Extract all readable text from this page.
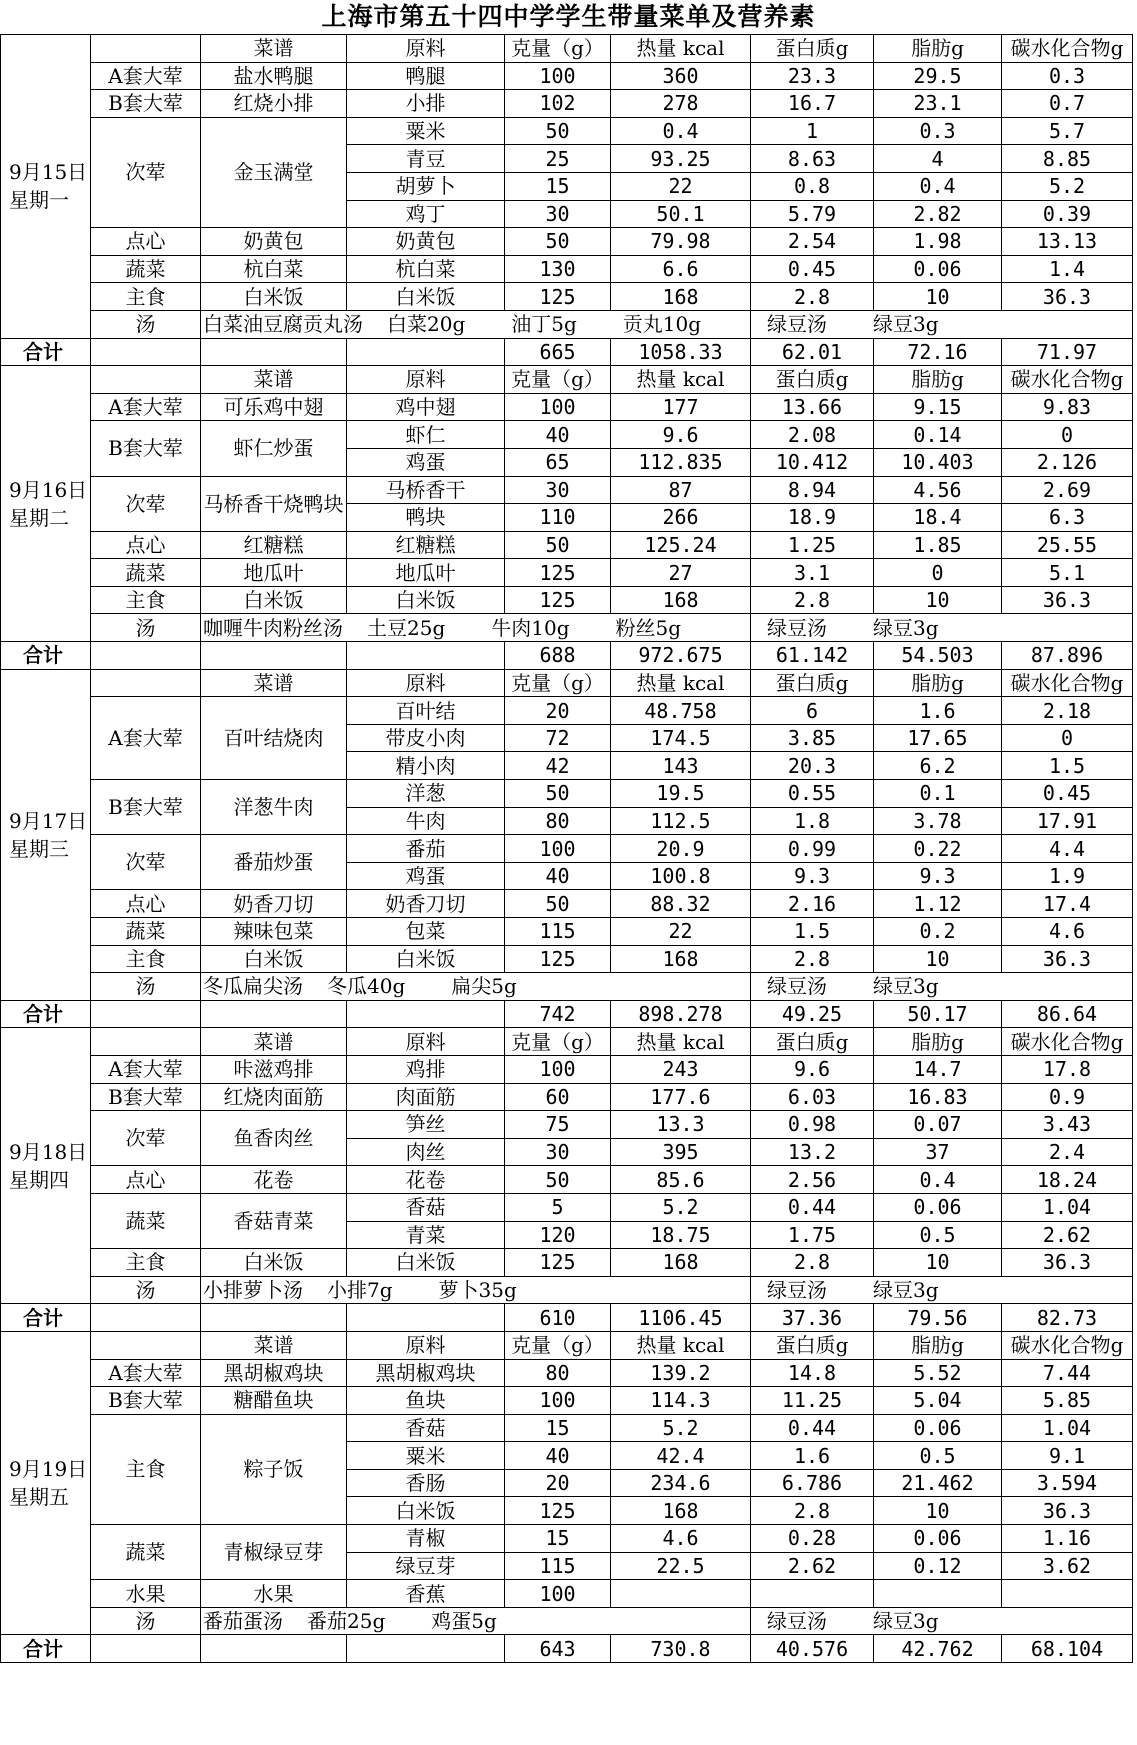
上海市第五十四中学学生带量菜单及营养素
9月15日
星期一		菜谱	原料	克量（g）	热量 kcal	蛋白质g	脂肪g	碳水化合物g
	A套大荤	盐水鸭腿	鸭腿	100	360	23.3	29.5	0.3
	B套大荤	红烧小排	小排	102	278	16.7	23.1	0.7
	次荤	金玉满堂	粟米	50	0.4	1	0.3	5.7
			青豆	25	93.25	8.63	4	8.85
			胡萝卜	15	22	0.8	0.4	5.2
			鸡丁	30	50.1	5.79	2.82	0.39
	点心	奶黄包	奶黄包	50	79.98	2.54	1.98	13.13
	蔬菜	杭白菜	杭白菜	130	6.6	0.45	0.06	1.4
	主食	白米饭	白米饭	125	168	2.8	10	36.3
	汤	白菜油豆腐贡丸汤 白菜20g 油丁5g 贡丸10g				绿豆汤 绿豆3g		
合计				665	1058.33	62.01	72.16	71.97

9月16日
星期二		菜谱	原料	克量（g）	热量 kcal	蛋白质g	脂肪g	碳水化合物g
	A套大荤	可乐鸡中翅	鸡中翅	100	177	13.66	9.15	9.83
	B套大荤	虾仁炒蛋	虾仁	40	9.6	2.08	0.14	0
			鸡蛋	65	112.835	10.412	10.403	2.126
	次荤	马桥香干烧鸭块	马桥香干	30	87	8.94	4.56	2.69
			鸭块	110	266	18.9	18.4	6.3
	点心	红糖糕	红糖糕	50	125.24	1.25	1.85	25.55
	蔬菜	地瓜叶	地瓜叶	125	27	3.1	0	5.1
	主食	白米饭	白米饭	125	168	2.8	10	36.3
	汤	咖喱牛肉粉丝汤 土豆25g 牛肉10g 粉丝5g				绿豆汤 绿豆3g		
合计				688	972.675	61.142	54.503	87.896

9月17日
星期三		菜谱	原料	克量（g）	热量 kcal	蛋白质g	脂肪g	碳水化合物g
	A套大荤	百叶结烧肉	百叶结	20	48.758	6	1.6	2.18
			带皮小肉	72	174.5	3.85	17.65	0
			精小肉	42	143	20.3	6.2	1.5
	B套大荤	洋葱牛肉	洋葱	50	19.5	0.55	0.1	0.45
			牛肉	80	112.5	1.8	3.78	17.91
	次荤	番茄炒蛋	番茄	100	20.9	0.99	0.22	4.4
			鸡蛋	40	100.8	9.3	9.3	1.9
	点心	奶香刀切	奶香刀切	50	88.32	2.16	1.12	17.4
	蔬菜	辣味包菜	包菜	115	22	1.5	0.2	4.6
	主食	白米饭	白米饭	125	168	2.8	10	36.3
	汤	冬瓜扁尖汤 冬瓜40g 扁尖5g				绿豆汤 绿豆3g		
合计				742	898.278	49.25	50.17	86.64

9月18日
星期四		菜谱	原料	克量（g）	热量 kcal	蛋白质g	脂肪g	碳水化合物g
	A套大荤	咔滋鸡排	鸡排	100	243	9.6	14.7	17.8
	B套大荤	红烧肉面筋	肉面筋	60	177.6	6.03	16.83	0.9
	次荤	鱼香肉丝	笋丝	75	13.3	0.98	0.07	3.43
			肉丝	30	395	13.2	37	2.4
	点心	花卷	花卷	50	85.6	2.56	0.4	18.24
	蔬菜	香菇青菜	香菇	5	5.2	0.44	0.06	1.04
			青菜	120	18.75	1.75	0.5	2.62
	主食	白米饭	白米饭	125	168	2.8	10	36.3
	汤	小排萝卜汤 小排7g 萝卜35g				绿豆汤 绿豆3g		
合计				610	1106.45	37.36	79.56	82.73

9月19日
星期五		菜谱	原料	克量（g）	热量 kcal	蛋白质g	脂肪g	碳水化合物g
	A套大荤	黑胡椒鸡块	黑胡椒鸡块	80	139.2	14.8	5.52	7.44
	B套大荤	糖醋鱼块	鱼块	100	114.3	11.25	5.04	5.85
	主食	粽子饭	香菇	15	5.2	0.44	0.06	1.04
			粟米	40	42.4	1.6	0.5	9.1
			香肠	20	234.6	6.786	21.462	3.594
			白米饭	125	168	2.8	10	36.3
	蔬菜	青椒绿豆芽	青椒	15	4.6	0.28	0.06	1.16
			绿豆芽	115	22.5	2.62	0.12	3.62
	水果	水果	香蕉	100				
	汤	番茄蛋汤 番茄25g 鸡蛋5g				绿豆汤 绿豆3g		
合计				643	730.8	40.576	42.762	68.104
